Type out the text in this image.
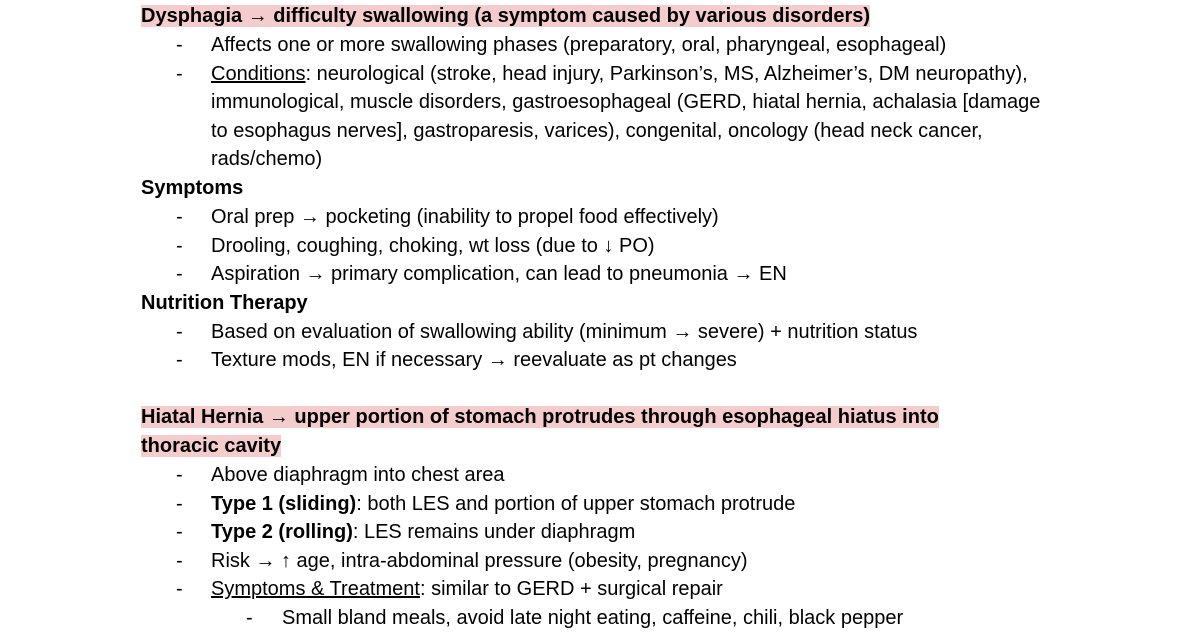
Dysphagia → difficulty swallowing (a symptom caused by various disorders)
- Affects one or more swallowing phases (preparatory, oral, pharyngeal, esophageal)
- Conditions: neurological (stroke, head injury, Parkinson’s, MS, Alzheimer’s, DM neuropathy), immunological, muscle disorders, gastroesophageal (GERD, hiatal hernia, achalasia [damage to esophagus nerves], gastroparesis, varices), congenital, oncology (head neck cancer, rads/chemo)
Symptoms
- Oral prep → pocketing (inability to propel food effectively)
- Drooling, coughing, choking, wt loss (due to ↓ PO)
- Aspiration → primary complication, can lead to pneumonia → EN
Nutrition Therapy
- Based on evaluation of swallowing ability (minimum → severe) + nutrition status
- Texture mods, EN if necessary → reevaluate as pt changes
Hiatal Hernia → upper portion of stomach protrudes through esophageal hiatus into thoracic cavity
- Above diaphragm into chest area
- Type 1 (sliding): both LES and portion of upper stomach protrude
- Type 2 (rolling): LES remains under diaphragm
- Risk → ↑ age, intra-abdominal pressure (obesity, pregnancy)
- Symptoms & Treatment: similar to GERD + surgical repair
- Small bland meals, avoid late night eating, caffeine, chili, black pepper
